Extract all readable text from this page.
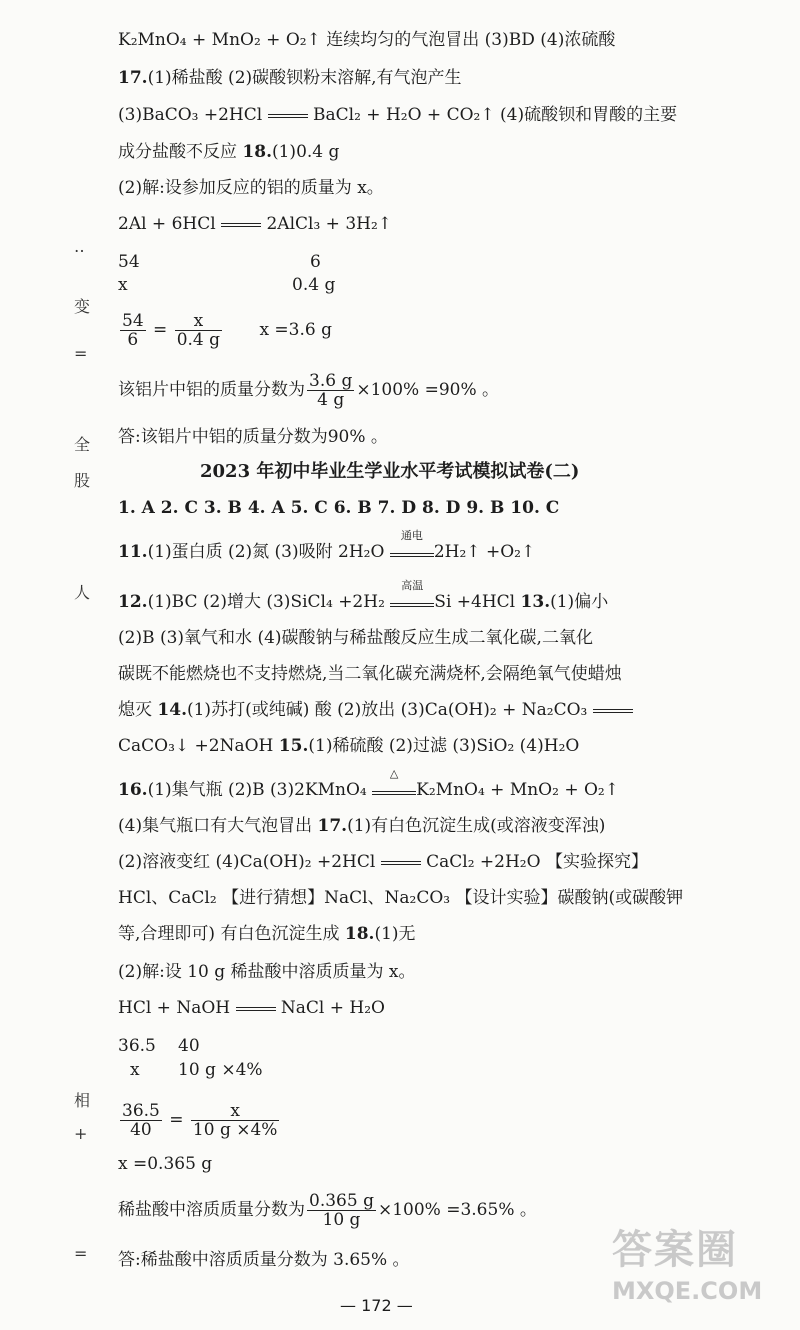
‥
变
=
全
股
人
相
+
=
K₂MnO₄ + MnO₂ + O₂↑ 连续均匀的气泡冒出 (3)BD (4)浓硫酸
17.(1)稀盐酸 (2)碳酸钡粉末溶解,有气泡产生
(3)BaCO₃ +2HCl	BaCl₂ + H₂O + CO₂↑ (4)硫酸钡和胃酸的主要
成分盐酸不反应 18.(1)0.4 g
(2)解:设参加反应的铝的质量为 x。
2Al + 6HCl	2AlCl₃ + 3H₂↑
54	6
x	0.4 g
$\frac{54}{6} = \frac{x}{0.4 g}$ x =3.6 g
该铝片中铝的质量分数为 $\frac{3.6 g}{4 g} \times 100\% =90\%$ 。
答:该铝片中铝的质量分数为90% 。
2023 年初中毕业生学业水平考试模拟试卷(二)
1. A 2. C 3. B 4. A 5. C 6. B 7. D 8. D 9. B 10. C
11.(1)蛋白质 (2)氮 (3)吸附 2H₂O
通电
2H₂↑ +O₂↑
12.(1)BC (2)增大 (3)SiCl₄ +2H₂
高温
Si +4HCl 13.(1)偏小
(2)B (3)氧气和水 (4)碳酸钠与稀盐酸反应生成二氧化碳,二氧化
碳既不能燃烧也不支持燃烧,当二氧化碳充满烧杯,会隔绝氧气使蜡烛
熄灭 14.(1)苏打(或纯碱) 酸 (2)放出 (3)Ca(OH)₂ + Na₂CO₃
CaCO₃↓ +2NaOH 15.(1)稀硫酸 (2)过滤 (3)SiO₂ (4)H₂O
16.(1)集气瓶 (2)B (3)2KMnO₄
△
K₂MnO₄ + MnO₂ + O₂↑
(4)集气瓶口有大气泡冒出 17.(1)有白色沉淀生成(或溶液变浑浊)
(2)溶液变红 (4)Ca(OH)₂ +2HCl	CaCl₂ +2H₂O 【实验探究】
HCl、CaCl₂ 【进行猜想】NaCl、Na₂CO₃ 【设计实验】碳酸钠(或碳酸钾
等,合理即可) 有白色沉淀生成 18.(1)无
(2)解:设 10 g 稀盐酸中溶质质量为 x。
HCl + NaOH	NaCl + H₂O
36.5 40
x 10 g ×4%
$\frac{36.5}{40} = \frac{x}{10 g \times 4\%}$
x =0.365 g
稀盐酸中溶质质量分数为 $\frac{0.365 g}{10 g} \times 100\% =3.65\%$ 。
答:稀盐酸中溶质质量分数为 3.65% 。
— 172 —
答案圈
MXQE.COM
